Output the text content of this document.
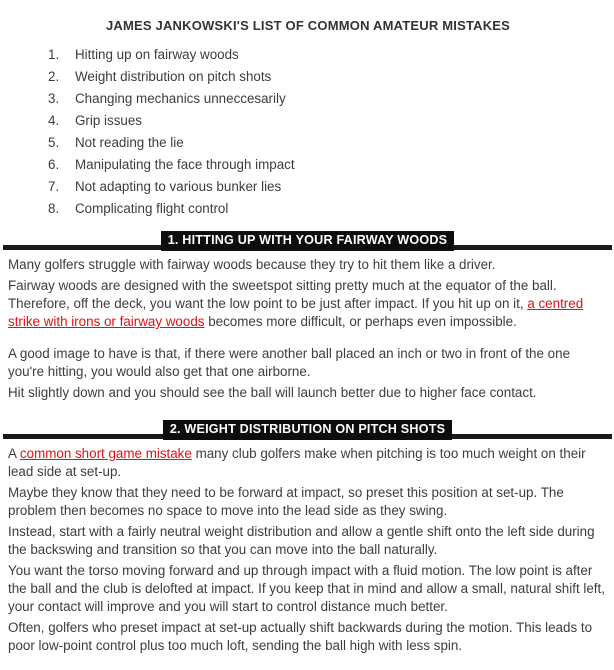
JAMES JANKOWSKI'S LIST OF COMMON AMATEUR MISTAKES
1.	Hitting up on fairway woods
2.	Weight distribution on pitch shots
3.	Changing mechanics unneccesarily
4.	Grip issues
5.	Not reading the lie
6.	Manipulating the face through impact
7.	Not adapting to various bunker lies
8.	Complicating flight control
1. HITTING UP WITH YOUR FAIRWAY WOODS

Many golfers struggle with fairway woods because they try to hit them like a driver.

Fairway woods are designed with the sweetspot sitting pretty much at the equator of the ball. Therefore, off the deck, you want the low point to be just after impact. If you hit up on it, a centred strike with irons or fairway woods becomes more difficult, or perhaps even impossible.

A good image to have is that, if there were another ball placed an inch or two in front of the one you're hitting, you would also get that one airborne.

Hit slightly down and you should see the ball will launch better due to higher face contact.

2. WEIGHT DISTRIBUTION ON PITCH SHOTS

A common short game mistake many club golfers make when pitching is too much weight on their lead side at set-up.

Maybe they know that they need to be forward at impact, so preset this position at set-up. The problem then becomes no space to move into the lead side as they swing.

Instead, start with a fairly neutral weight distribution and allow a gentle shift onto the left side during the backswing and transition so that you can move into the ball naturally.

You want the torso moving forward and up through impact with a fluid motion. The low point is after the ball and the club is delofted at impact. If you keep that in mind and allow a small, natural shift left, your contact will improve and you will start to control distance much better.

Often, golfers who preset impact at set-up actually shift backwards during the motion. This leads to poor low-point control plus too much loft, sending the ball high with less spin.
